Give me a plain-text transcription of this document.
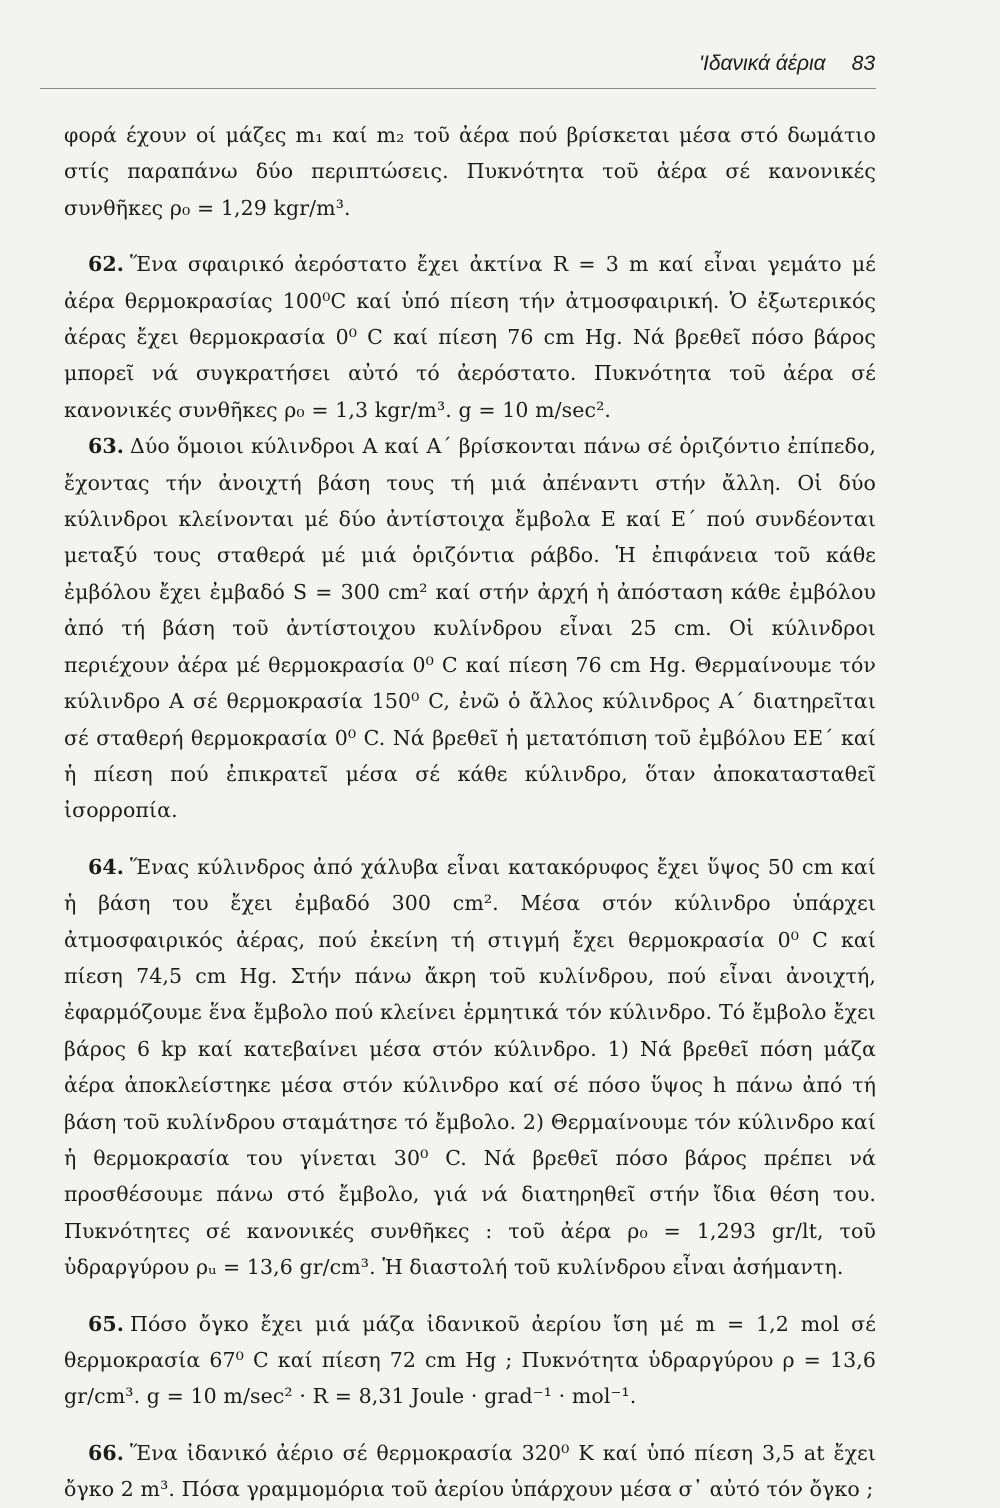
'Ιδανικά άέρια 83

φορά έχουν οί μάζες m₁ καί m₂ τοῦ ἀέρα πού βρίσκεται μέσα στό δωμάτιο στίς παραπάνω δύο περιπτώσεις. Πυκνότητα τοῦ ἀέρα σέ κανονικές συνθῆκες ρ₀ = 1,29 kgr/m³.

62. Ἕνα σφαιρικό ἀερόστατο ἔχει ἀκτίνα R = 3 m καί εἶναι γεμάτο μέ ἀέρα θερμοκρασίας 100⁰C καί ὑπό πίεση τήν ἀτμοσφαιρική. Ὁ ἐξωτερικός ἀέρας ἔχει θερμοκρασία 0⁰ C καί πίεση 76 cm Hg. Νά βρεθεῖ πόσο βάρος μπορεῖ νά συγκρατήσει αὐτό τό ἀερόστατο. Πυκνότητα τοῦ ἀέρα σέ κανονικές συνθῆκες ρ₀ = 1,3 kgr/m³. g = 10 m/sec².

63. Δύο ὅμοιοι κύλινδροι Α καί Α΄ βρίσκονται πάνω σέ ὁριζόντιο ἐπίπεδο, ἔχοντας τήν ἀνοιχτή βάση τους τή μιά ἀπέναντι στήν ἄλλη. Οἱ δύο κύλινδροι κλείνονται μέ δύο ἀντίστοιχα ἔμβολα Ε καί Ε΄ πού συνδέονται μεταξύ τους σταθερά μέ μιά ὁριζόντια ράβδο. Ἡ ἐπιφάνεια τοῦ κάθε ἐμβόλου ἔχει ἐμβαδό S = 300 cm² καί στήν ἀρχή ἡ ἀπόσταση κάθε ἐμβόλου ἀπό τή βάση τοῦ ἀντίστοιχου κυλίνδρου εἶναι 25 cm. Οἱ κύλινδροι περιέχουν ἀέρα μέ θερμοκρασία 0⁰ C καί πίεση 76 cm Hg. Θερμαίνουμε τόν κύλινδρο Α σέ θερμοκρασία 150⁰ C, ἐνῶ ὁ ἄλλος κύλινδρος Α΄ διατηρεῖται σέ σταθερή θερμοκρασία 0⁰ C. Νά βρεθεῖ ἡ μετατόπιση τοῦ ἐμβόλου ΕΕ΄ καί ἡ πίεση πού ἐπικρατεῖ μέσα σέ κάθε κύλινδρο, ὅταν ἀποκατασταθεῖ ἰσορροπία.

64. Ἕνας κύλινδρος ἀπό χάλυβα εἶναι κατακόρυφος ἔχει ὕψος 50 cm καί ἡ βάση του ἔχει ἐμβαδό 300 cm². Μέσα στόν κύλινδρο ὑπάρχει ἀτμοσφαιρικός ἀέρας, πού ἐκείνη τή στιγμή ἔχει θερμοκρασία 0⁰ C καί πίεση 74,5 cm Hg. Στήν πάνω ἄκρη τοῦ κυλίνδρου, πού εἶναι ἀνοιχτή, ἐφαρμόζουμε ἕνα ἔμβολο πού κλείνει ἑρμητικά τόν κύλινδρο. Τό ἔμβολο ἔχει βάρος 6 kp καί κατεβαίνει μέσα στόν κύλινδρο. 1) Νά βρεθεῖ πόση μάζα ἀέρα ἀποκλείστηκε μέσα στόν κύλινδρο καί σέ πόσο ὕψος h πάνω ἀπό τή βάση τοῦ κυλίνδρου σταμάτησε τό ἔμβολο. 2) Θερμαίνουμε τόν κύλινδρο καί ἡ θερμοκρασία του γίνεται 30⁰ C. Νά βρεθεῖ πόσο βάρος πρέπει νά προσθέσουμε πάνω στό ἔμβολο, γιά νά διατηρηθεῖ στήν ἴδια θέση του. Πυκνότητες σέ κανονικές συνθῆκες : τοῦ ἀέρα ρ₀ = 1,293 gr/lt, τοῦ ὑδραργύρου ρᵤ = 13,6 gr/cm³. Ἡ διαστολή τοῦ κυλίνδρου εἶναι ἀσήμαντη.

65. Πόσο ὄγκο ἔχει μιά μάζα ἰδανικοῦ ἀερίου ἴση μέ m = 1,2 mol σέ θερμοκρασία 67⁰ C καί πίεση 72 cm Hg ; Πυκνότητα ὑδραργύρου ρ = 13,6 gr/cm³. g = 10 m/sec² · R = 8,31 Joule · grad⁻¹ · mol⁻¹.

66. Ἕνα ἰδανικό ἀέριο σέ θερμοκρασία 320⁰ K καί ὑπό πίεση 3,5 at ἔχει ὄγκο 2 m³. Πόσα γραμμομόρια τοῦ ἀερίου ὑπάρχουν μέσα σ᾽ αὐτό τόν ὄγκο ;
